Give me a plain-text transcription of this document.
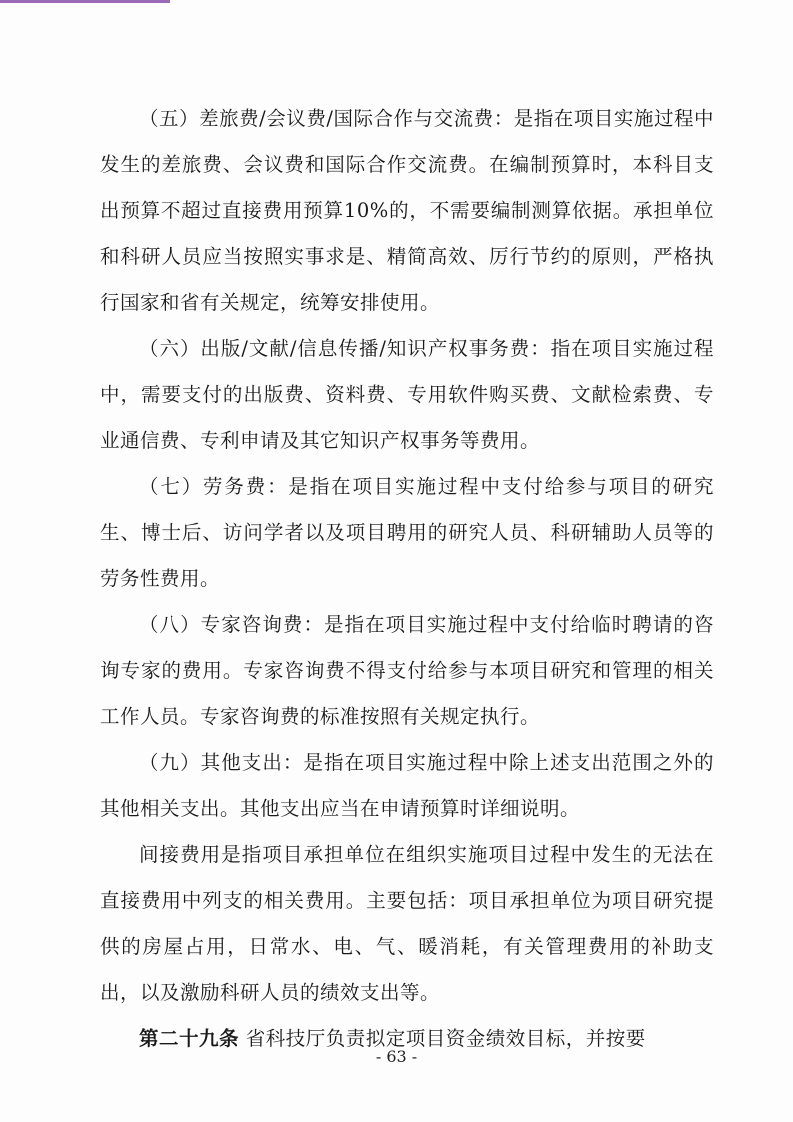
（五）差旅费/会议费/国际合作与交流费：是指在项目实施过程中发生的差旅费、会议费和国际合作交流费。在编制预算时，本科目支出预算不超过直接费用预算10%的，不需要编制测算依据。承担单位和科研人员应当按照实事求是、精简高效、厉行节约的原则，严格执行国家和省有关规定，统筹安排使用。

（六）出版/文献/信息传播/知识产权事务费：指在项目实施过程中，需要支付的出版费、资料费、专用软件购买费、文献检索费、专业通信费、专利申请及其它知识产权事务等费用。

（七）劳务费：是指在项目实施过程中支付给参与项目的研究生、博士后、访问学者以及项目聘用的研究人员、科研辅助人员等的劳务性费用。

（八）专家咨询费：是指在项目实施过程中支付给临时聘请的咨询专家的费用。专家咨询费不得支付给参与本项目研究和管理的相关工作人员。专家咨询费的标准按照有关规定执行。

（九）其他支出：是指在项目实施过程中除上述支出范围之外的其他相关支出。其他支出应当在申请预算时详细说明。

间接费用是指项目承担单位在组织实施项目过程中发生的无法在直接费用中列支的相关费用。主要包括：项目承担单位为项目研究提供的房屋占用，日常水、电、气、暖消耗，有关管理费用的补助支出，以及激励科研人员的绩效支出等。

第二十九条 省科技厅负责拟定项目资金绩效目标，并按要

- 63 -
